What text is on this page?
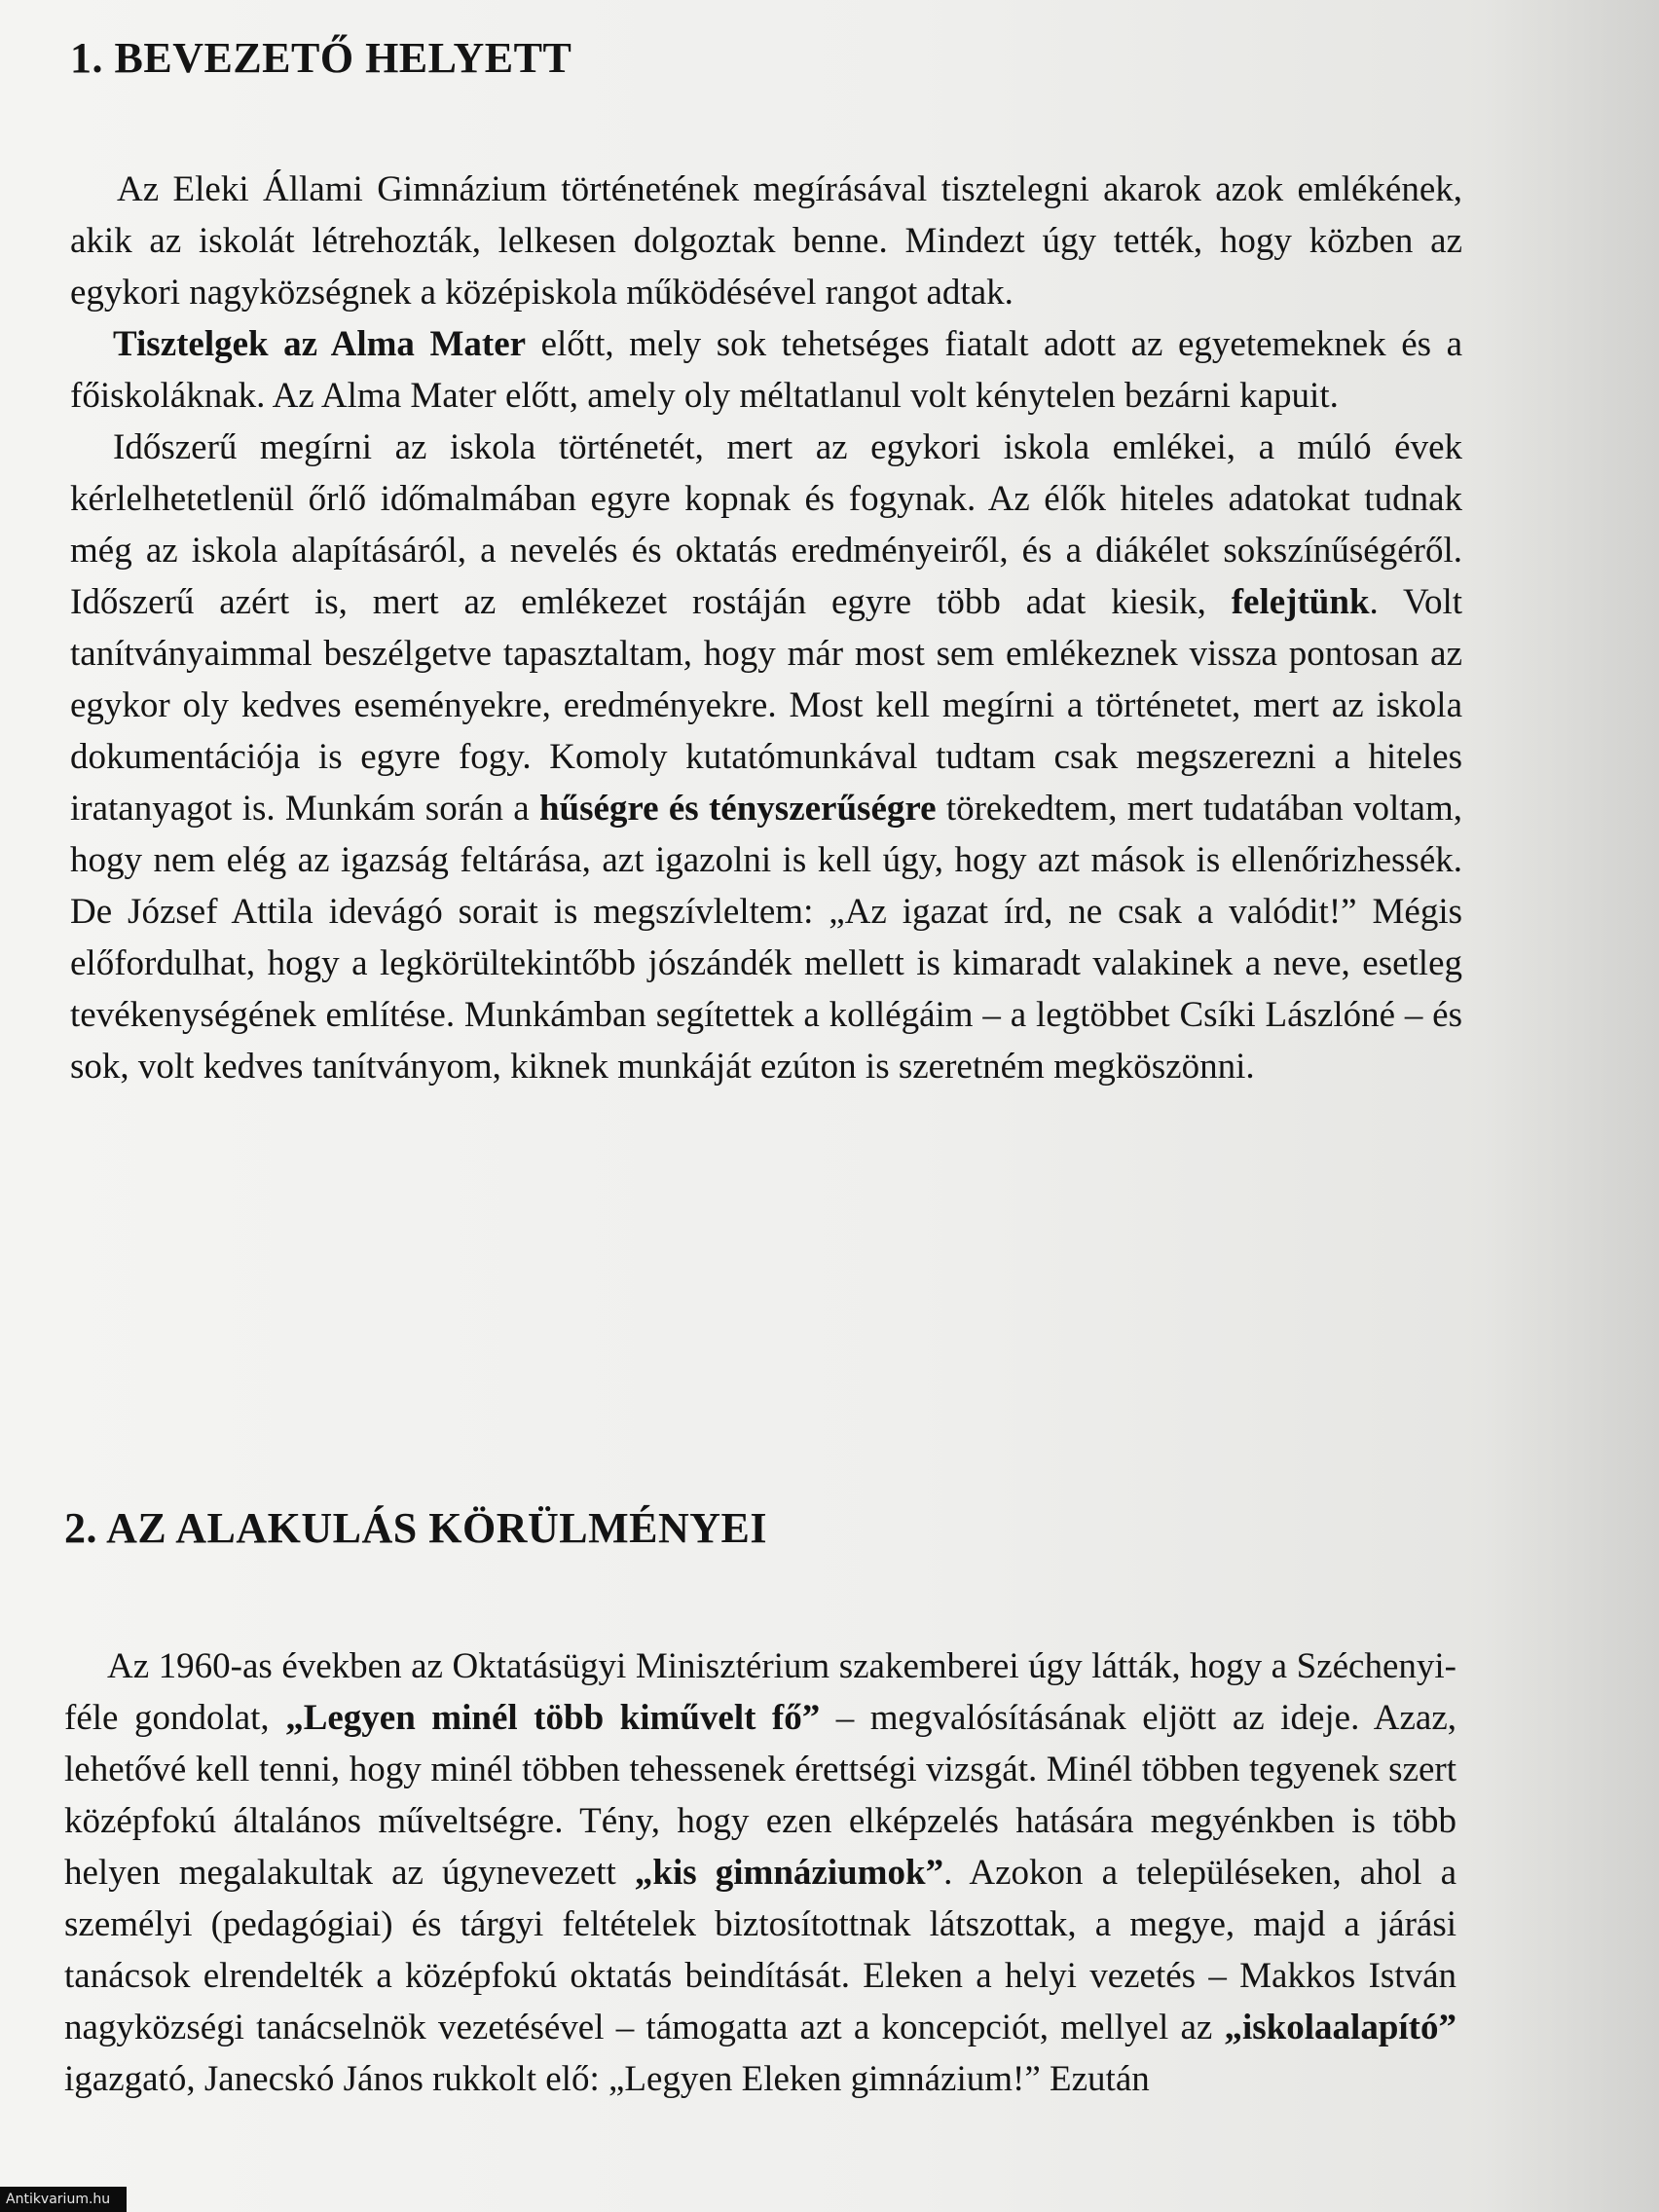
1. BEVEZETŐ HELYETT

Az Eleki Állami Gimnázium történetének megírásával tisztelegni akarok azok emlékének, akik az iskolát létrehozták, lelkesen dolgoztak benne. Mindezt úgy tették, hogy közben az egykori nagyközségnek a középiskola működésével rangot adtak.

Tisztelgek az Alma Mater előtt, mely sok tehetséges fiatalt adott az egyetemeknek és a főiskoláknak. Az Alma Mater előtt, amely oly méltatlanul volt kénytelen bezárni kapuit.

Időszerű megírni az iskola történetét, mert az egykori iskola emlékei, a múló évek kérlelhetetlenül őrlő időmalmában egyre kopnak és fogynak. Az élők hiteles adatokat tudnak még az iskola alapításáról, a nevelés és oktatás eredményeiről, és a diákélet sokszínűségéről. Időszerű azért is, mert az emlékezet rostáján egyre több adat kiesik, felejtünk. Volt tanítványaimmal beszélgetve tapasztaltam, hogy már most sem emlékeznek vissza pontosan az egykor oly kedves eseményekre, eredményekre. Most kell megírni a történetet, mert az iskola dokumentációja is egyre fogy. Komoly kutatómunkával tudtam csak megszerezni a hiteles iratanyagot is. Munkám során a hűségre és tényszerűségre törekedtem, mert tudatában voltam, hogy nem elég az igazság feltárása, azt igazolni is kell úgy, hogy azt mások is ellenőrizhessék. De József Attila idevágó sorait is megszívleltem: „Az igazat írd, ne csak a valódit!” Mégis előfordulhat, hogy a legkörültekintőbb jószándék mellett is kimaradt valakinek a neve, esetleg tevékenységének említése. Munkámban segítettek a kollégáim – a legtöbbet Csíki Lászlóné – és sok, volt kedves tanítványom, kiknek munkáját ezúton is szeretném megköszönni.

2. AZ ALAKULÁS KÖRÜLMÉNYEI

Az 1960-as években az Oktatásügyi Minisztérium szakemberei úgy látták, hogy a Széchenyi-féle gondolat, „Legyen minél több kiművelt fő” – megvalósításának eljött az ideje. Azaz, lehetővé kell tenni, hogy minél többen tehessenek érettségi vizsgát. Minél többen tegyenek szert középfokú általános műveltségre. Tény, hogy ezen elképzelés hatására megyénkben is több helyen megalakultak az úgynevezett „kis gimnáziumok”. Azokon a településeken, ahol a személyi (pedagógiai) és tárgyi feltételek biztosítottnak látszottak, a megye, majd a járási tanácsok elrendelték a középfokú oktatás beindítását. Eleken a helyi vezetés – Makkos István nagyközségi tanácselnök vezetésével – támogatta azt a koncepciót, mellyel az „iskolaalapító” igazgató, Janecskó János rukkolt elő: „Legyen Eleken gimnázium!” Ezután

Antikvarium.hu
